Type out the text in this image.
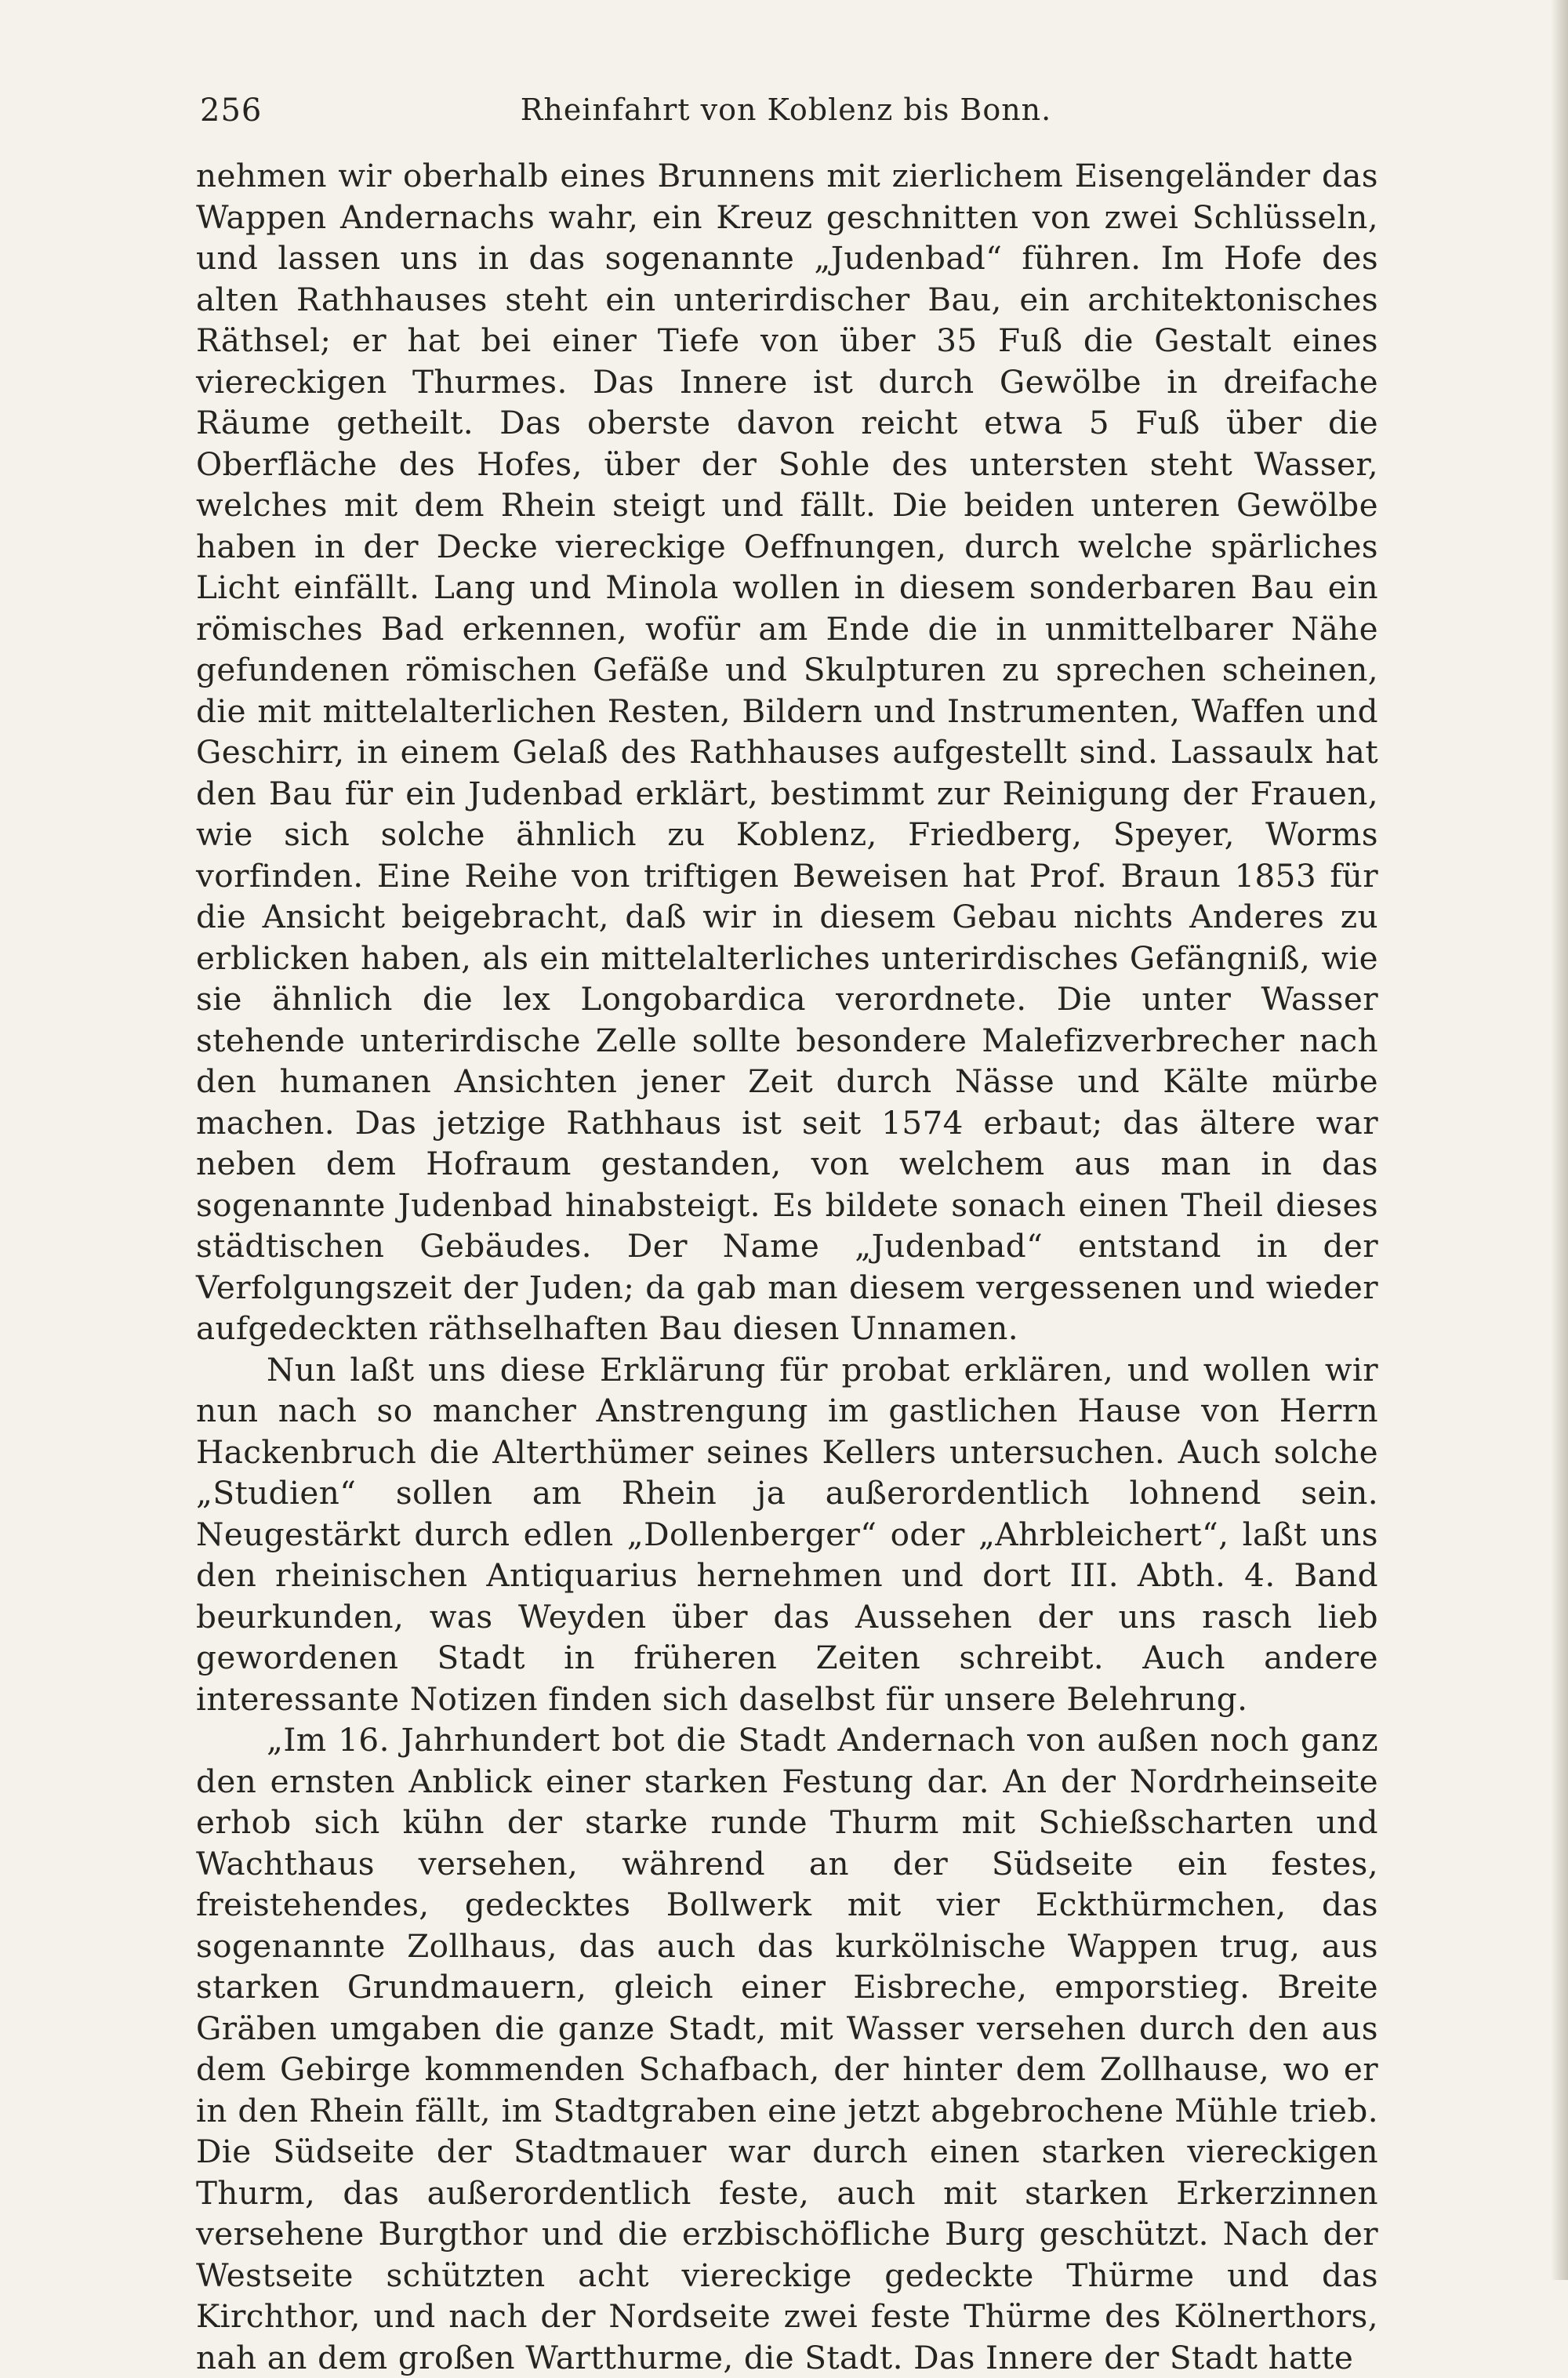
256	Rheinfahrt von Koblenz bis Bonn.

nehmen wir oberhalb eines Brunnens mit zierlichem Eisengeländer das Wappen Andernachs wahr, ein Kreuz geschnitten von zwei Schlüsseln, und lassen uns in das sogenannte „Judenbad“ führen. Im Hofe des alten Rathhauses steht ein unterirdischer Bau, ein architektonisches Räthsel; er hat bei einer Tiefe von über 35 Fuß die Gestalt eines viereckigen Thurmes. Das Innere ist durch Gewölbe in dreifache Räume getheilt. Das oberste davon reicht etwa 5 Fuß über die Oberfläche des Hofes, über der Sohle des untersten steht Wasser, welches mit dem Rhein steigt und fällt. Die beiden unteren Gewölbe haben in der Decke viereckige Oeffnungen, durch welche spärliches Licht einfällt. Lang und Minola wollen in diesem sonderbaren Bau ein römisches Bad erkennen, wofür am Ende die in unmittelbarer Nähe gefundenen römischen Gefäße und Skulpturen zu sprechen scheinen, die mit mittelalterlichen Resten, Bildern und Instrumenten, Waffen und Geschirr, in einem Gelaß des Rathhauses aufgestellt sind. Lassaulx hat den Bau für ein Judenbad erklärt, bestimmt zur Reinigung der Frauen, wie sich solche ähnlich zu Koblenz, Friedberg, Speyer, Worms vorfinden. Eine Reihe von triftigen Beweisen hat Prof. Braun 1853 für die Ansicht beigebracht, daß wir in diesem Gebau nichts Anderes zu erblicken haben, als ein mittelalterliches unterirdisches Gefängniß, wie sie ähnlich die lex Longobardica verordnete. Die unter Wasser stehende unterirdische Zelle sollte besondere Malefizverbrecher nach den humanen Ansichten jener Zeit durch Nässe und Kälte mürbe machen. Das jetzige Rathhaus ist seit 1574 erbaut; das ältere war neben dem Hofraum gestanden, von welchem aus man in das sogenannte Judenbad hinabsteigt. Es bildete sonach einen Theil dieses städtischen Gebäudes. Der Name „Judenbad“ entstand in der Verfolgungszeit der Juden; da gab man diesem vergessenen und wieder aufgedeckten räthselhaften Bau diesen Unnamen.

Nun laßt uns diese Erklärung für probat erklären, und wollen wir nun nach so mancher Anstrengung im gastlichen Hause von Herrn Hackenbruch die Alterthümer seines Kellers untersuchen. Auch solche „Studien“ sollen am Rhein ja außerordentlich lohnend sein. Neugestärkt durch edlen „Dollenberger“ oder „Ahrbleichert“, laßt uns den rheinischen Antiquarius hernehmen und dort III. Abth. 4. Band beurkunden, was Weyden über das Aussehen der uns rasch lieb gewordenen Stadt in früheren Zeiten schreibt. Auch andere interessante Notizen finden sich daselbst für unsere Belehrung.

„Im 16. Jahrhundert bot die Stadt Andernach von außen noch ganz den ernsten Anblick einer starken Festung dar. An der Nordrheinseite erhob sich kühn der starke runde Thurm mit Schießscharten und Wachthaus versehen, während an der Südseite ein festes, freistehendes, gedecktes Bollwerk mit vier Eckthürmchen, das sogenannte Zollhaus, das auch das kurkölnische Wappen trug, aus starken Grundmauern, gleich einer Eisbreche, emporstieg. Breite Gräben umgaben die ganze Stadt, mit Wasser versehen durch den aus dem Gebirge kommenden Schafbach, der hinter dem Zollhause, wo er in den Rhein fällt, im Stadtgraben eine jetzt abgebrochene Mühle trieb. Die Südseite der Stadtmauer war durch einen starken viereckigen Thurm, das außerordentlich feste, auch mit starken Erkerzinnen versehene Burgthor und die erzbischöfliche Burg geschützt. Nach der Westseite schützten acht viereckige gedeckte Thürme und das Kirchthor, und nach der Nordseite zwei feste Thürme des Kölnerthors, nah an dem großen Wartthurme, die Stadt. Das Innere der Stadt hatte
